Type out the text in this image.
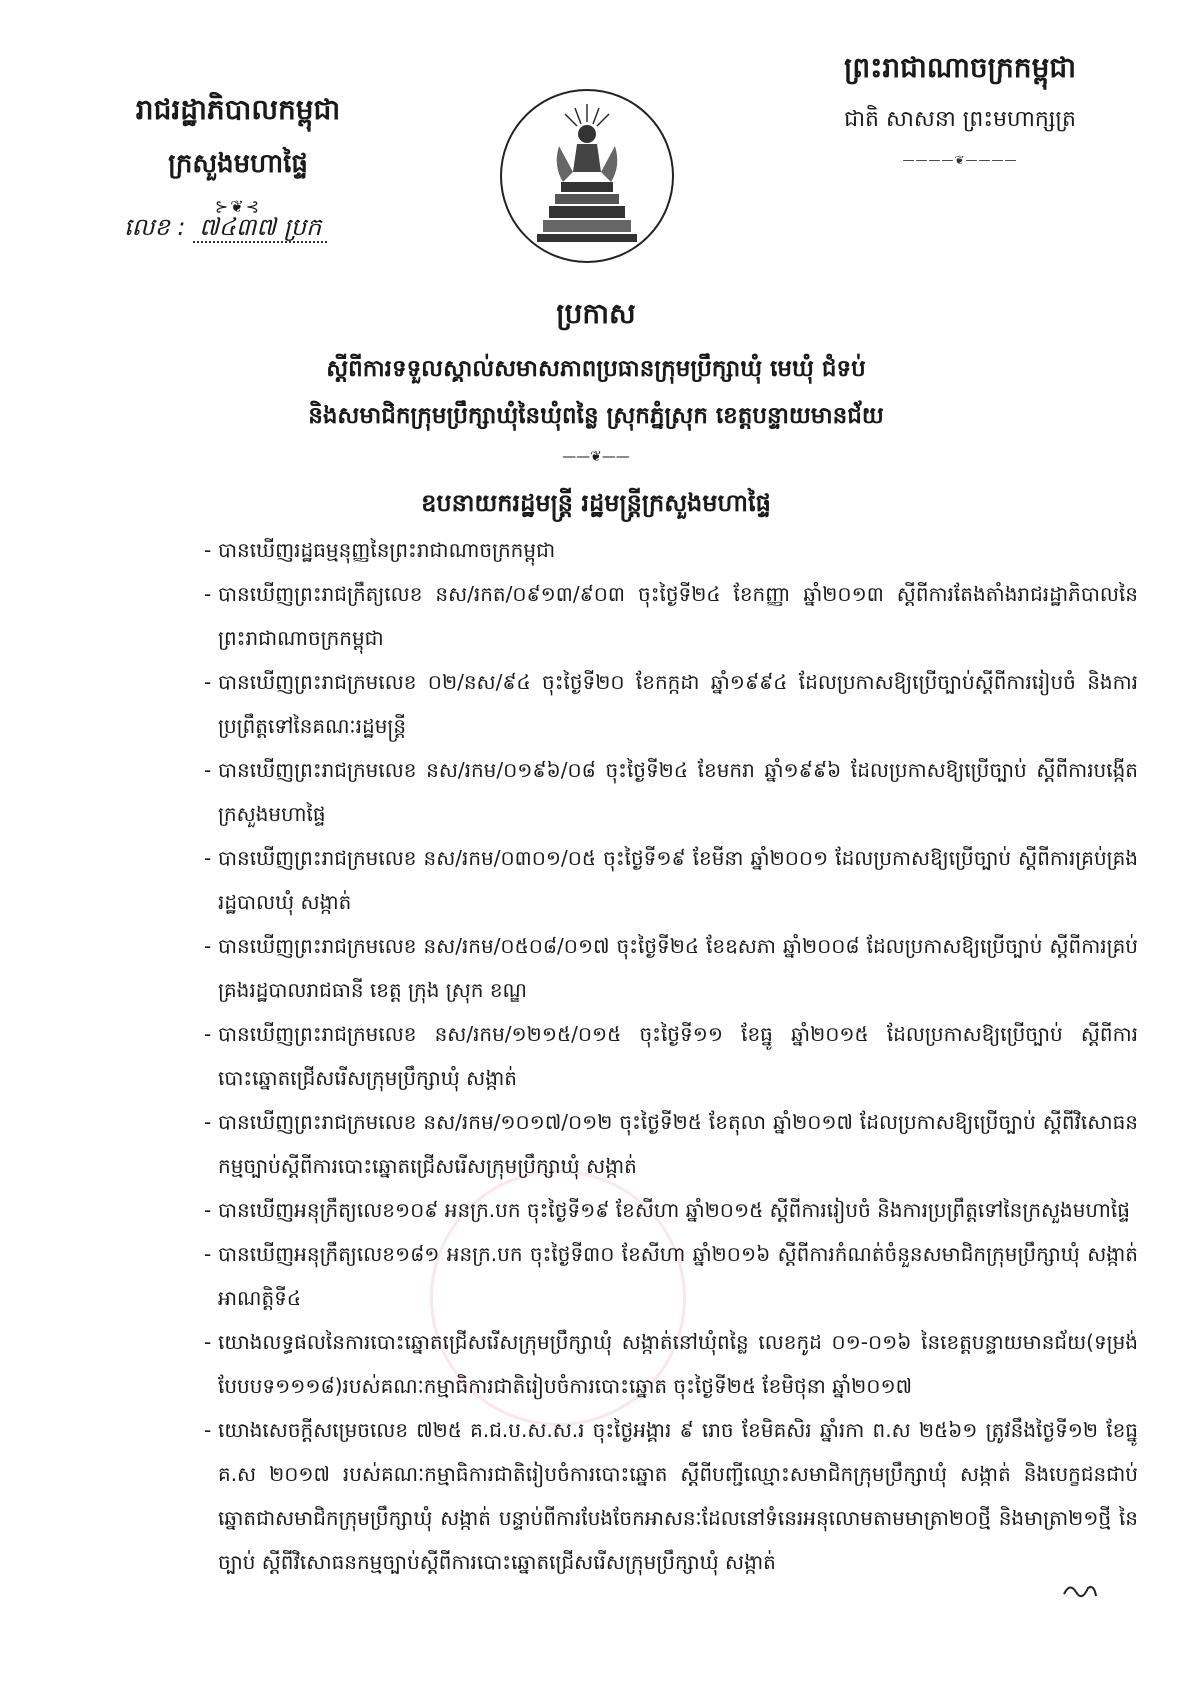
រាជរដ្ឋាភិបាលកម្ពុជា
ក្រសួងមហាផ្ទៃ
⊱❦⊰
លេខ : ៧៤៣៧ ប្រក
ព្រះរាជាណាចក្រកម្ពុជា
ជាតិ សាសនា ព្រះមហាក្សត្រ
————❦————
ប្រកាស
ស្តីពីការទទួលស្គាល់សមាសភាពប្រធានក្រុមប្រឹក្សាឃុំ មេឃុំ ជំទប់
និងសមាជិកក្រុមប្រឹក្សាឃុំនៃឃុំពន្លៃ ស្រុកភ្នំស្រុក ខេត្តបន្ទាយមានជ័យ
——❦——
ឧបនាយករដ្ឋមន្ត្រី រដ្ឋមន្ត្រីក្រសួងមហាផ្ទៃ
- បានឃើញរដ្ឋធម្មនុញ្ញនៃព្រះរាជាណាចក្រកម្ពុជា
- បានឃើញព្រះរាជក្រឹត្យលេខ នស/រកត/០៩១៣/៩០៣ ចុះថ្ងៃទី២៤ ខែកញ្ញា ឆ្នាំ២០១៣ ស្តីពីការតែងតាំងរាជរដ្ឋាភិបាលនៃព្រះរាជាណាចក្រកម្ពុជា
- បានឃើញព្រះរាជក្រមលេខ ០២/នស/៩៤ ចុះថ្ងៃទី២០ ខែកក្កដា ឆ្នាំ១៩៩៤ ដែលប្រកាសឱ្យប្រើច្បាប់ស្តីពីការរៀបចំ និងការប្រព្រឹត្តទៅនៃគណៈរដ្ឋមន្ត្រី
- បានឃើញព្រះរាជក្រមលេខ នស/រកម/០១៩៦/០៨ ចុះថ្ងៃទី២៤ ខែមករា ឆ្នាំ១៩៩៦ ដែលប្រកាសឱ្យប្រើច្បាប់ ស្តីពីការបង្កើតក្រសួងមហាផ្ទៃ
- បានឃើញព្រះរាជក្រមលេខ នស/រកម/០៣០១/០៥ ចុះថ្ងៃទី១៩ ខែមីនា ឆ្នាំ២០០១ ដែលប្រកាសឱ្យប្រើច្បាប់ ស្តីពីការគ្រប់គ្រងរដ្ឋបាលឃុំ សង្កាត់
- បានឃើញព្រះរាជក្រមលេខ នស/រកម/០៥០៨/០១៧ ចុះថ្ងៃទី២៤ ខែឧសភា ឆ្នាំ២០០៨ ដែលប្រកាសឱ្យប្រើច្បាប់ ស្តីពីការគ្រប់គ្រងរដ្ឋបាលរាជធានី ខេត្ត ក្រុង ស្រុក ខណ្ឌ
- បានឃើញព្រះរាជក្រមលេខ នស/រកម/១២១៥/០១៥ ចុះថ្ងៃទី១១ ខែធ្នូ ឆ្នាំ២០១៥ ដែលប្រកាសឱ្យប្រើច្បាប់ ស្តីពីការបោះឆ្នោតជ្រើសរើសក្រុមប្រឹក្សាឃុំ សង្កាត់
- បានឃើញព្រះរាជក្រមលេខ នស/រកម/១០១៧/០១២ ចុះថ្ងៃទី២៥ ខែតុលា ឆ្នាំ២០១៧ ដែលប្រកាសឱ្យប្រើច្បាប់ ស្តីពីវិសោធនកម្មច្បាប់ស្តីពីការបោះឆ្នោតជ្រើសរើសក្រុមប្រឹក្សាឃុំ សង្កាត់
- បានឃើញអនុក្រឹត្យលេខ១០៩ អនក្រ.បក ចុះថ្ងៃទី១៩ ខែសីហា ឆ្នាំ២០១៥ ស្តីពីការរៀបចំ និងការប្រព្រឹត្តទៅនៃក្រសួងមហាផ្ទៃ
- បានឃើញអនុក្រឹត្យលេខ១៨១ អនក្រ.បក ចុះថ្ងៃទី៣០ ខែសីហា ឆ្នាំ២០១៦ ស្តីពីការកំណត់ចំនួនសមាជិកក្រុមប្រឹក្សាឃុំ សង្កាត់អាណត្តិទី៤
- យោងលទ្ធផលនៃការបោះឆ្នោតជ្រើសរើសក្រុមប្រឹក្សាឃុំ សង្កាត់នៅឃុំពន្លៃ លេខកូដ ០១-០១៦ នៃខេត្តបន្ទាយមានជ័យ(ទម្រង់បែបបទ១១១៨)របស់គណៈកម្មាធិការជាតិរៀបចំការបោះឆ្នោត ចុះថ្ងៃទី២៥ ខែមិថុនា ឆ្នាំ២០១៧
- យោងសេចក្តីសម្រេចលេខ ៧២៥ គ.ជ.ប.ស.ស.រ ចុះថ្ងៃអង្គារ ៩ រោច ខែមិគសិរ ឆ្នាំរកា ព.ស ២៥៦១ ត្រូវនឹងថ្ងៃទី១២ ខែធ្នូ គ.ស ២០១៧ របស់គណៈកម្មាធិការជាតិរៀបចំការបោះឆ្នោត ស្តីពីបញ្ជីឈ្មោះសមាជិកក្រុមប្រឹក្សាឃុំ សង្កាត់ និងបេក្ខជនជាប់ឆ្នោតជាសមាជិកក្រុមប្រឹក្សាឃុំ សង្កាត់ បន្ទាប់ពីការបែងចែកអាសនៈដែលនៅទំនេរអនុលោមតាមមាត្រា២០ថ្មី និងមាត្រា២១ថ្មី នៃច្បាប់ ស្តីពីវិសោធនកម្មច្បាប់ស្តីពីការបោះឆ្នោតជ្រើសរើសក្រុមប្រឹក្សាឃុំ សង្កាត់
